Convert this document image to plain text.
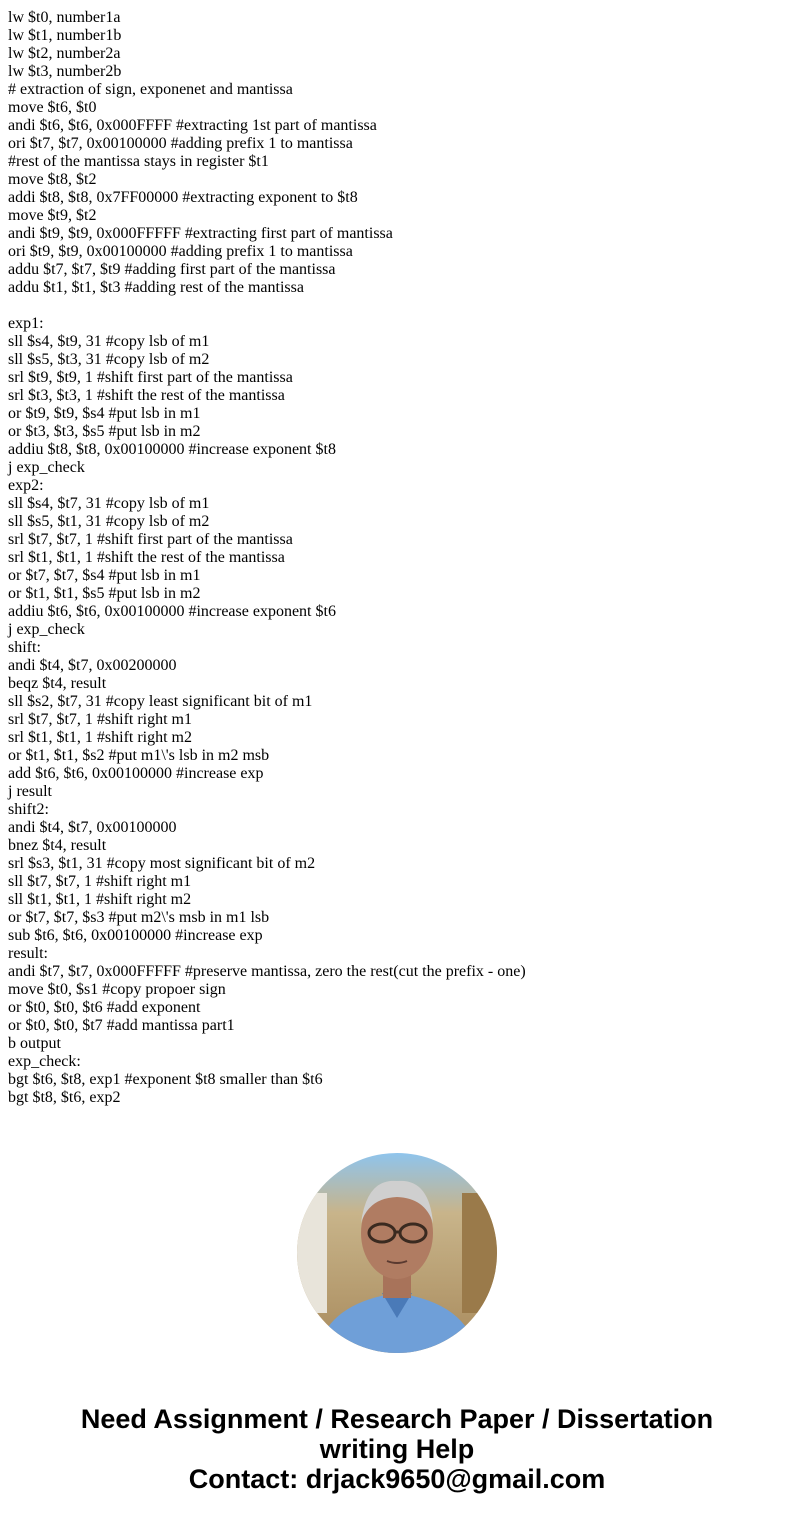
lw $t0, number1a
lw $t1, number1b
lw $t2, number2a
lw $t3, number2b
# extraction of sign, exponenet and mantissa
move $t6, $t0
andi $t6, $t6, 0x000FFFF #extracting 1st part of mantissa
ori $t7, $t7, 0x00100000 #adding prefix 1 to mantissa
#rest of the mantissa stays in register $t1
move $t8, $t2
addi $t8, $t8, 0x7FF00000 #extracting exponent to $t8
move $t9, $t2
andi $t9, $t9, 0x000FFFFF #extracting first part of mantissa
ori $t9, $t9, 0x00100000 #adding prefix 1 to mantissa
addu $t7, $t7, $t9 #adding first part of the mantissa
addu $t1, $t1, $t3 #adding rest of the mantissa
exp1:
sll $s4, $t9, 31 #copy lsb of m1
sll $s5, $t3, 31 #copy lsb of m2
srl $t9, $t9, 1 #shift first part of the mantissa
srl $t3, $t3, 1 #shift the rest of the mantissa
or $t9, $t9, $s4 #put lsb in m1
or $t3, $t3, $s5 #put lsb in m2
addiu $t8, $t8, 0x00100000 #increase exponent $t8
j exp_check
exp2:
sll $s4, $t7, 31 #copy lsb of m1
sll $s5, $t1, 31 #copy lsb of m2
srl $t7, $t7, 1 #shift first part of the mantissa
srl $t1, $t1, 1 #shift the rest of the mantissa
or $t7, $t7, $s4 #put lsb in m1
or $t1, $t1, $s5 #put lsb in m2
addiu $t6, $t6, 0x00100000 #increase exponent $t6
j exp_check
shift:
andi $t4, $t7, 0x00200000
beqz $t4, result
sll $s2, $t7, 31 #copy least significant bit of m1
srl $t7, $t7, 1 #shift right m1
srl $t1, $t1, 1 #shift right m2
or $t1, $t1, $s2 #put m1\'s lsb in m2 msb
add $t6, $t6, 0x00100000 #increase exp
j result
shift2:
andi $t4, $t7, 0x00100000
bnez $t4, result
srl $s3, $t1, 31 #copy most significant bit of m2
sll $t7, $t7, 1 #shift right m1
sll $t1, $t1, 1 #shift right m2
or $t7, $t7, $s3 #put m2\'s msb in m1 lsb
sub $t6, $t6, 0x00100000 #increase exp
result:
andi $t7, $t7, 0x000FFFFF #preserve mantissa, zero the rest(cut the prefix - one)
move $t0, $s1 #copy propoer sign
or $t0, $t0, $t6 #add exponent
or $t0, $t0, $t7 #add mantissa part1
b output
exp_check:
bgt $t6, $t8, exp1 #exponent $t8 smaller than $t6
bgt $t8, $t6, exp2
Need Assignment / Research Paper / Dissertation
writing Help
Contact: drjack9650@gmail.com
